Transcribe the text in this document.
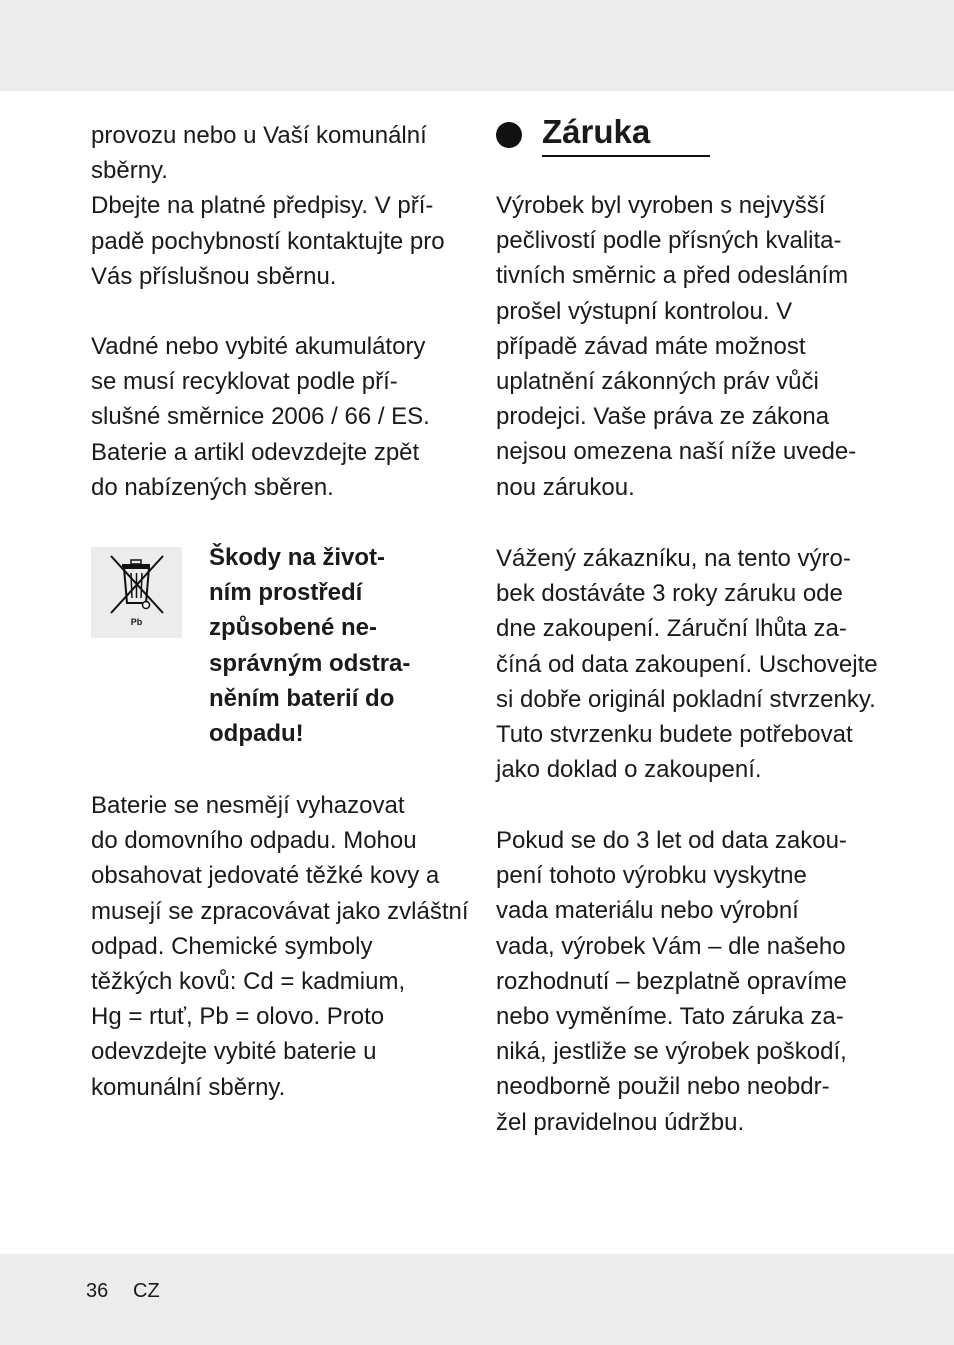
provozu nebo u Vaší komunální
sběrny.
Dbejte na platné předpisy. V pří-
padě pochybností kontaktujte pro
Vás příslušnou sběrnu.
Vadné nebo vybité akumulátory
se musí recyklovat podle pří-
slušné směrnice 2006 / 66 / ES.
Baterie a artikl odevzdejte zpět
do nabízených sběren.
Pb
Škody na život-
ním prostředí
způsobené ne-
správným odstra-
něním baterií do
odpadu!
Baterie se nesmějí vyhazovat
do domovního odpadu. Mohou
obsahovat jedovaté těžké kovy a
musejí se zpracovávat jako zvláštní
odpad. Chemické symboly
těžkých kovů: Cd = kadmium,
Hg = rtuť, Pb = olovo. Proto
odevzdejte vybité baterie u
komunální sběrny.
Záruka
Výrobek byl vyroben s nejvyšší
pečlivostí podle přísných kvalita-
tivních směrnic a před odesláním
prošel výstupní kontrolou. V
případě závad máte možnost
uplatnění zákonných práv vůči
prodejci. Vaše práva ze zákona
nejsou omezena naší níže uvede-
nou zárukou.
Vážený zákazníku, na tento výro-
bek dostáváte 3 roky záruku ode
dne zakoupení. Záruční lhůta za-
číná od data zakoupení. Uschovejte
si dobře originál pokladní stvrzenky.
Tuto stvrzenku budete potřebovat
jako doklad o zakoupení.
Pokud se do 3 let od data zakou-
pení tohoto výrobku vyskytne
vada materiálu nebo výrobní
vada, výrobek Vám – dle našeho
rozhodnutí – bezplatně opravíme
nebo vyměníme. Tato záruka za-
niká, jestliže se výrobek poškodí,
neodborně použil nebo neobdr-
žel pravidelnou údržbu.
36 CZ
